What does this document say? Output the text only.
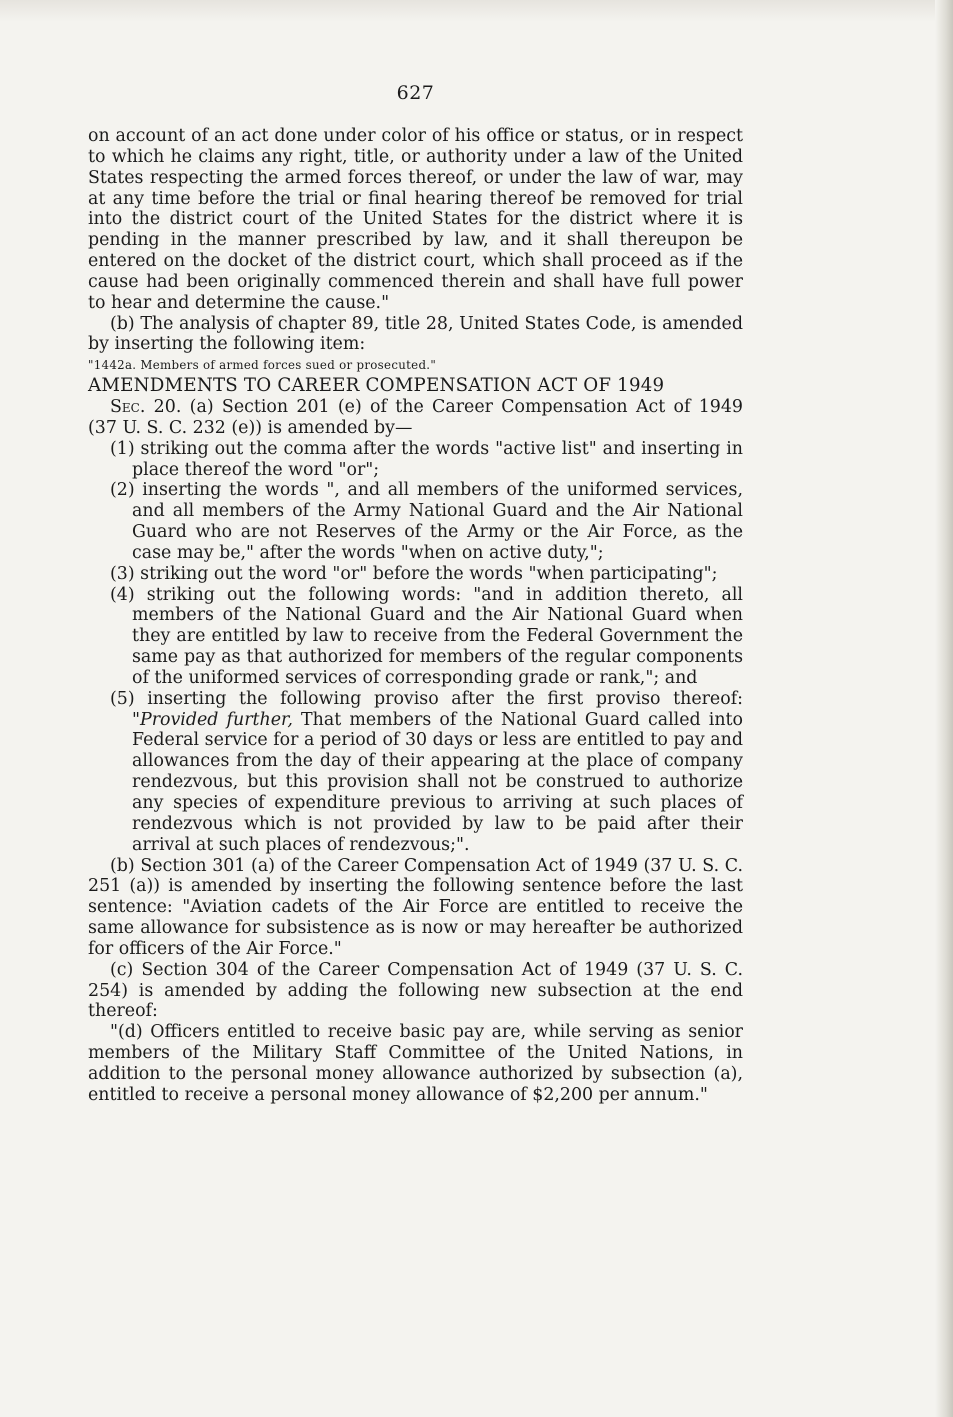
627

on account of an act done under color of his office or status, or in respect to which he claims any right, title, or authority under a law of the United States respecting the armed forces thereof, or under the law of war, may at any time before the trial or final hearing thereof be removed for trial into the district court of the United States for the district where it is pending in the manner prescribed by law, and it shall thereupon be entered on the docket of the district court, which shall proceed as if the cause had been originally commenced therein and shall have full power to hear and determine the cause."

(b) The analysis of chapter 89, title 28, United States Code, is amended by inserting the following item:

"1442a. Members of armed forces sued or prosecuted."

AMENDMENTS TO CAREER COMPENSATION ACT OF 1949

Sec. 20. (a) Section 201 (e) of the Career Compensation Act of 1949 (37 U. S. C. 232 (e)) is amended by—

(1) striking out the comma after the words "active list" and inserting in place thereof the word "or";

(2) inserting the words ", and all members of the uniformed services, and all members of the Army National Guard and the Air National Guard who are not Reserves of the Army or the Air Force, as the case may be," after the words "when on active duty,";

(3) striking out the word "or" before the words "when participating";

(4) striking out the following words: "and in addition thereto, all members of the National Guard and the Air National Guard when they are entitled by law to receive from the Federal Government the same pay as that authorized for members of the regular components of the uniformed services of corresponding grade or rank,"; and

(5) inserting the following proviso after the first proviso thereof: "Provided further, That members of the National Guard called into Federal service for a period of 30 days or less are entitled to pay and allowances from the day of their appearing at the place of company rendezvous, but this provision shall not be construed to authorize any species of expenditure previous to arriving at such places of rendezvous which is not provided by law to be paid after their arrival at such places of rendezvous;".

(b) Section 301 (a) of the Career Compensation Act of 1949 (37 U. S. C. 251 (a)) is amended by inserting the following sentence before the last sentence: "Aviation cadets of the Air Force are entitled to receive the same allowance for subsistence as is now or may hereafter be authorized for officers of the Air Force."

(c) Section 304 of the Career Compensation Act of 1949 (37 U. S. C. 254) is amended by adding the following new subsection at the end thereof:

"(d) Officers entitled to receive basic pay are, while serving as senior members of the Military Staff Committee of the United Nations, in addition to the personal money allowance authorized by subsection (a), entitled to receive a personal money allowance of $2,200 per annum."
